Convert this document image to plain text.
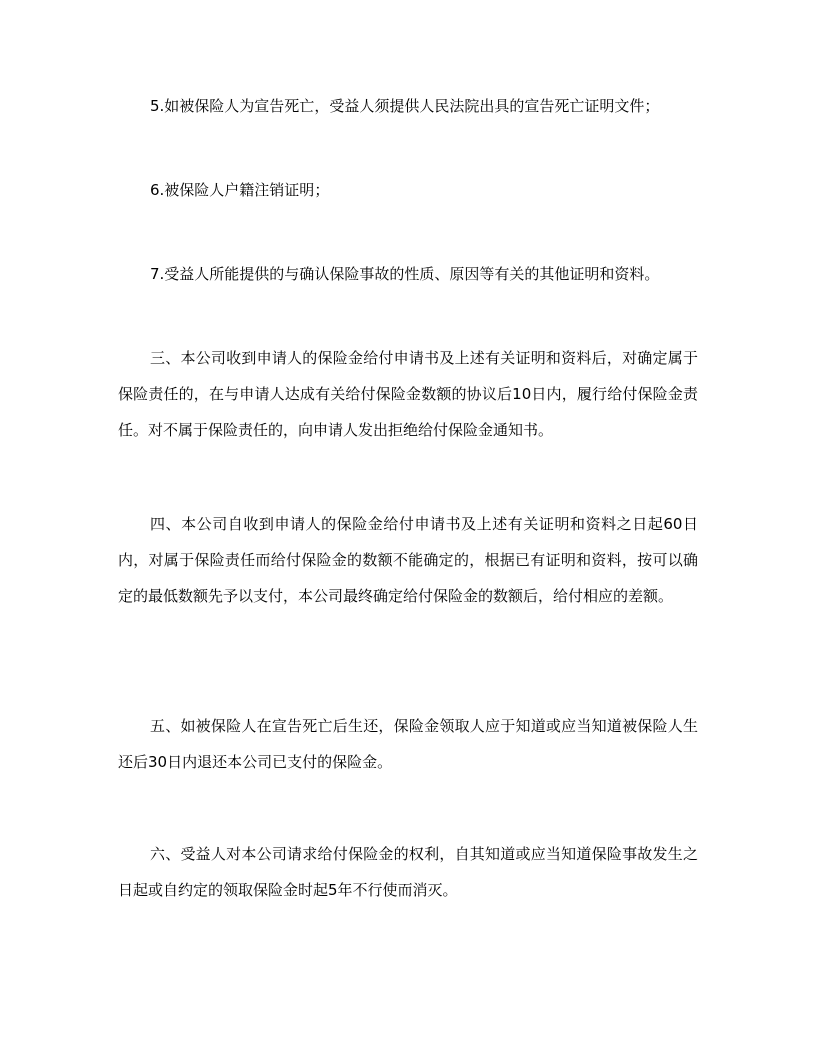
5.如被保险人为宣告死亡，受益人须提供人民法院出具的宣告死亡证明文件；

6.被保险人户籍注销证明；

7.受益人所能提供的与确认保险事故的性质、原因等有关的其他证明和资料。

三、本公司收到申请人的保险金给付申请书及上述有关证明和资料后，对确定属于保险责任的，在与申请人达成有关给付保险金数额的协议后10日内，履行给付保险金责任。对不属于保险责任的，向申请人发出拒绝给付保险金通知书。

四、本公司自收到申请人的保险金给付申请书及上述有关证明和资料之日起60日内，对属于保险责任而给付保险金的数额不能确定的，根据已有证明和资料，按可以确定的最低数额先予以支付，本公司最终确定给付保险金的数额后，给付相应的差额。

五、如被保险人在宣告死亡后生还，保险金领取人应于知道或应当知道被保险人生还后30日内退还本公司已支付的保险金。

六、受益人对本公司请求给付保险金的权利，自其知道或应当知道保险事故发生之日起或自约定的领取保险金时起5年不行使而消灭。
